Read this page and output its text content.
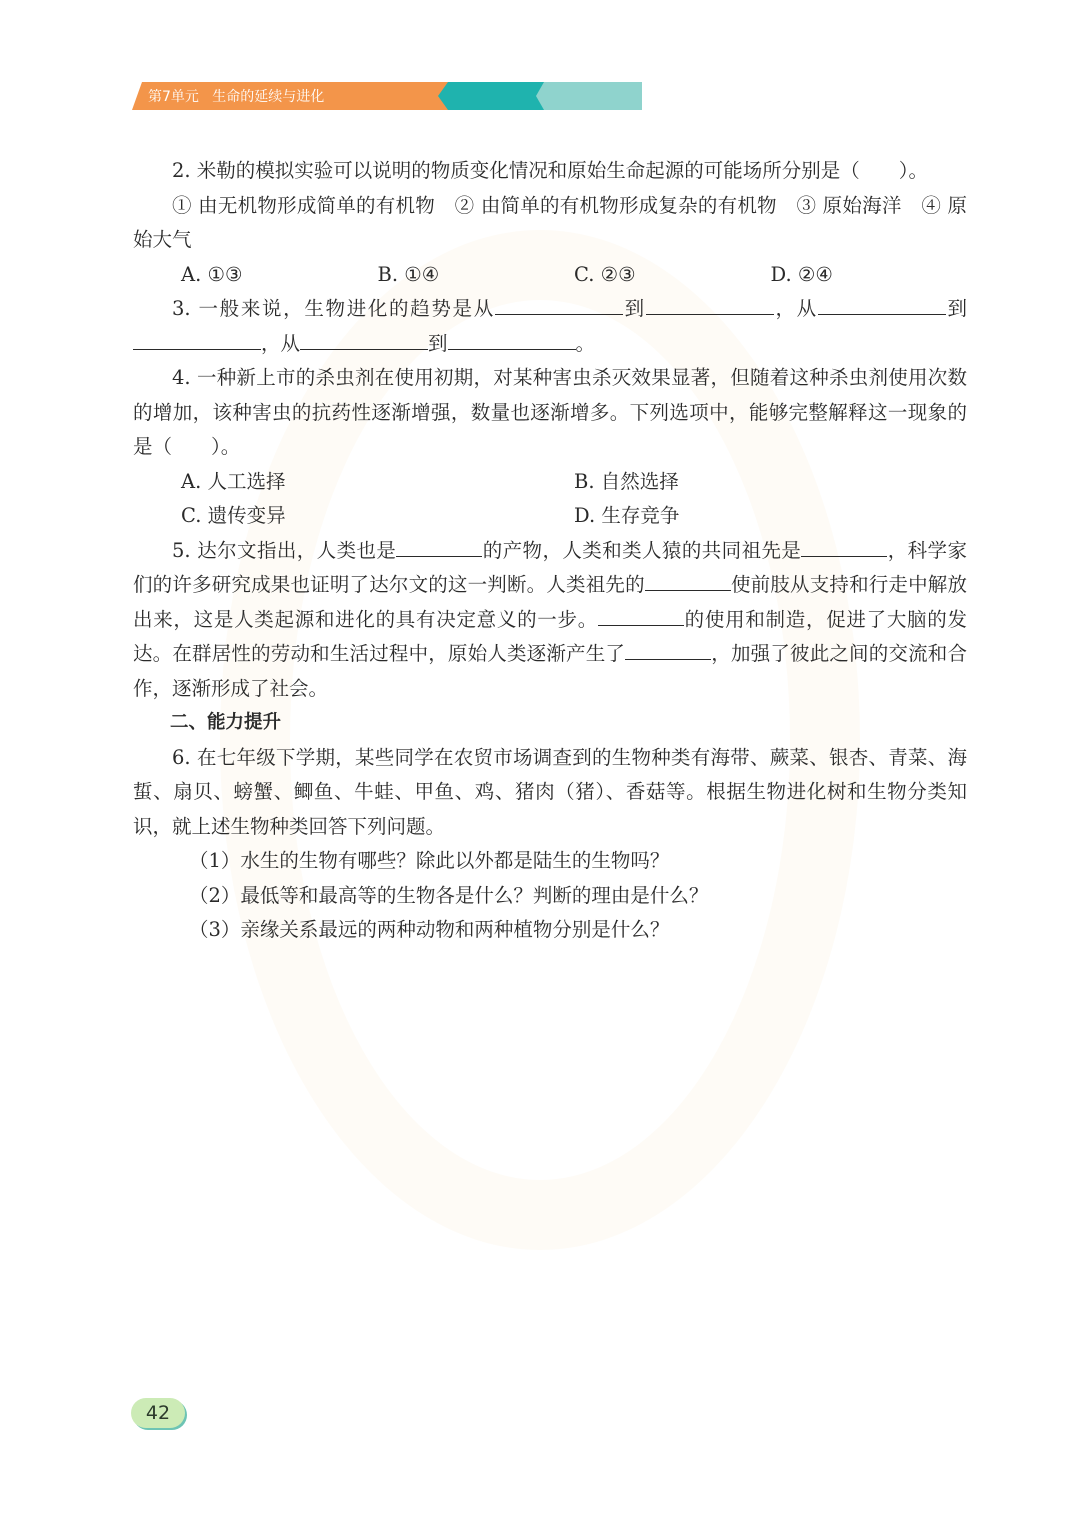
第7单元 生命的延续与进化

2. 米勒的模拟实验可以说明的物质变化情况和原始生命起源的可能场所分别是（　　）。

① 由无机物形成简单的有机物　② 由简单的有机物形成复杂的有机物　③ 原始海洋　④ 原始大气

A. ①③	B. ①④	C. ②③	D. ②④

3. 一般来说，生物进化的趋势是从	到	，从	到，从	到	。

4. 一种新上市的杀虫剂在使用初期，对某种害虫杀灭效果显著，但随着这种杀虫剂使用次数的增加，该种害虫的抗药性逐渐增强，数量也逐渐增多。下列选项中，能够完整解释这一现象的是（　　）。

A. 人工选择	B. 自然选择
C. 遗传变异	D. 生存竞争

5. 达尔文指出，人类也是	的产物，人类和类人猿的共同祖先是	，科学家们的许多研究成果也证明了达尔文的这一判断。人类祖先的	使前肢从支持和行走中解放出来，这是人类起源和进化的具有决定意义的一步。	的使用和制造，促进了大脑的发达。在群居性的劳动和生活过程中，原始人类逐渐产生了	，加强了彼此之间的交流和合作，逐渐形成了社会。

二、能力提升

6. 在七年级下学期，某些同学在农贸市场调查到的生物种类有海带、蕨菜、银杏、青菜、海蜇、扇贝、螃蟹、鲫鱼、牛蛙、甲鱼、鸡、猪肉（猪）、香菇等。根据生物进化树和生物分类知识，就上述生物种类回答下列问题。

（1）水生的生物有哪些？除此以外都是陆生的生物吗？

（2）最低等和最高等的生物各是什么？判断的理由是什么？

（3）亲缘关系最远的两种动物和两种植物分别是什么？

42
